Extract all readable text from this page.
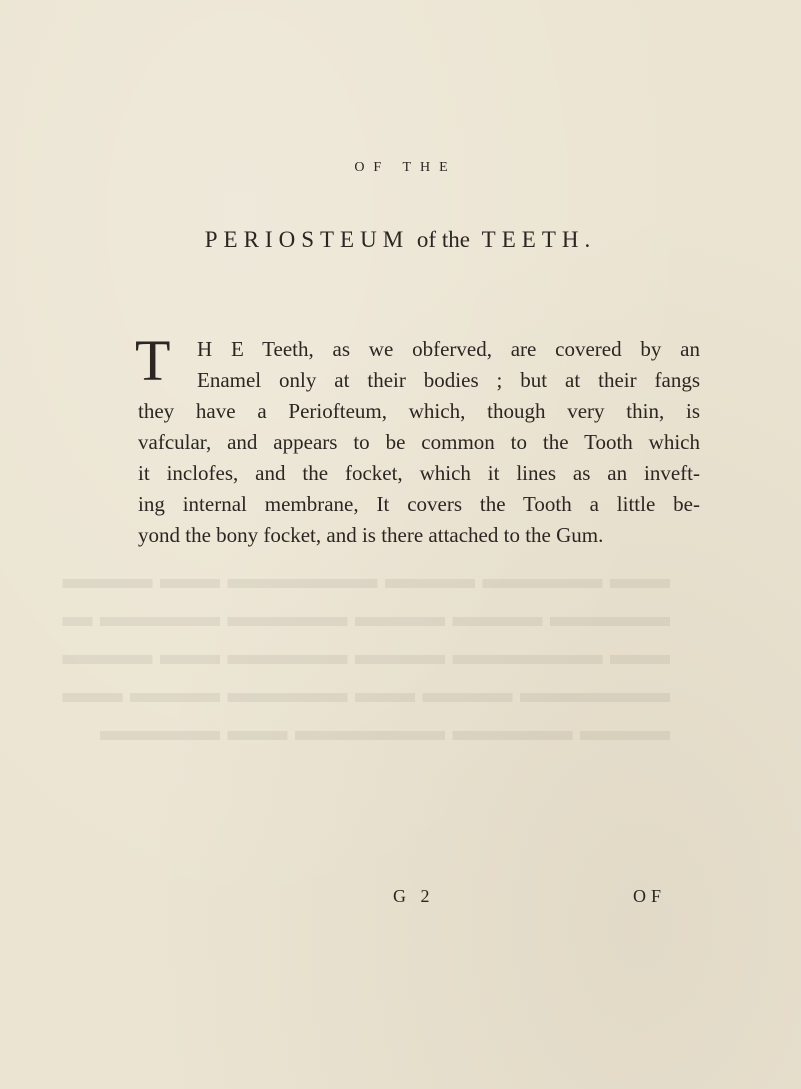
​▬▬ ▬▬▬▬ ▬▬▬ ▬▬▬▬▬ ▬▬ ▬▬▬
▬▬▬▬ ▬▬▬ ▬▬▬ ▬▬▬▬ ▬▬▬▬ ▬
▬▬ ▬▬▬▬▬ ▬▬▬ ▬▬▬▬ ▬▬ ▬▬▬
▬▬▬▬▬ ▬▬▬ ▬▬ ▬▬▬▬ ▬▬▬ ▬▬
▬▬▬ ▬▬▬▬ ▬▬▬▬▬ ▬▬ ▬▬▬▬
OF THE
PERIOSTEUM of the TEETH.
T	H E Teeth, as we obferved, are covered by an
Enamel only at their bodies ; but at their fangs
they have a Periofteum, which, though very thin, is
vafcular, and appears to be common to the Tooth which
it inclofes, and the focket, which it lines as an inveft-
ing internal membrane, It covers the Tooth a little be-
yond the bony focket, and is there attached to the Gum.
G 2	OF
